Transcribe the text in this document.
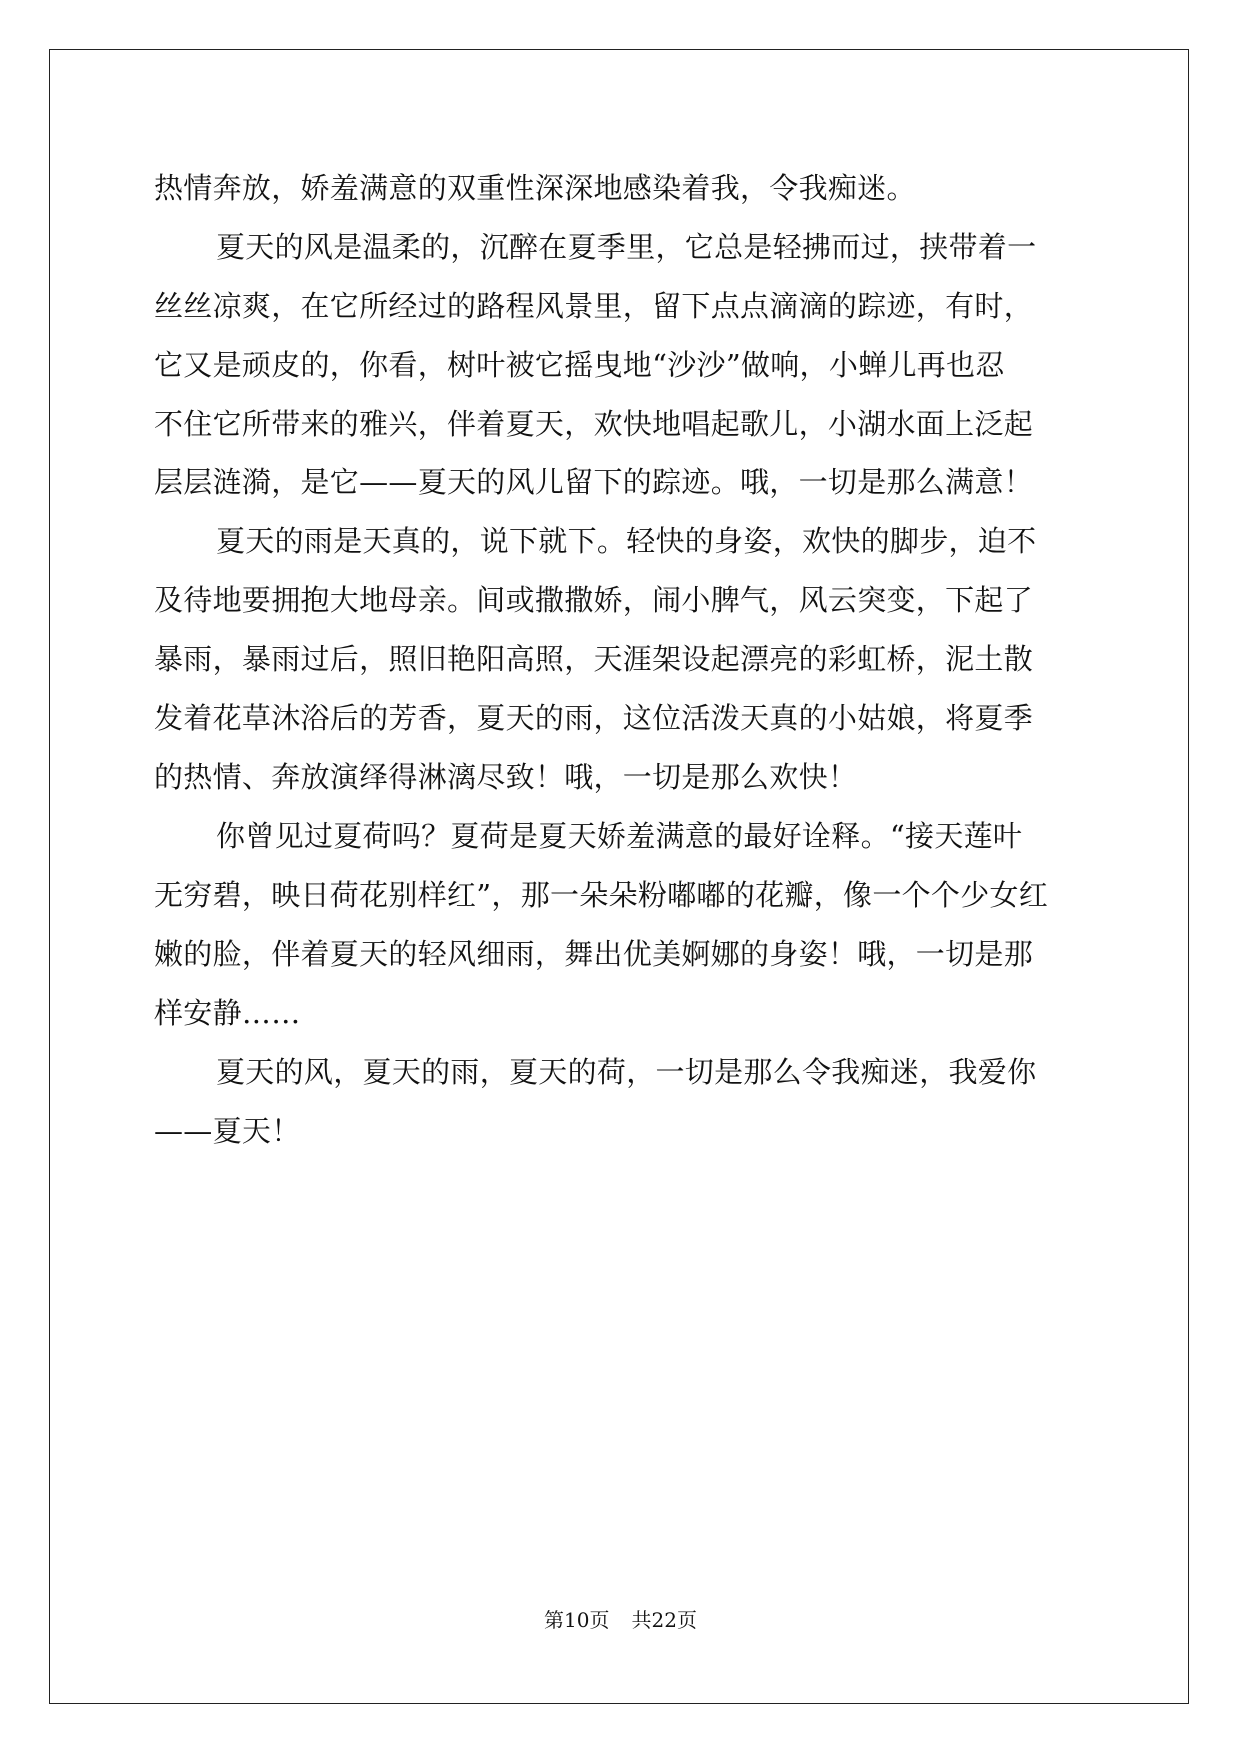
热情奔放，娇羞满意的双重性深深地感染着我，令我痴迷。
夏天的风是温柔的，沉醉在夏季里，它总是轻拂而过，挟带着一
丝丝凉爽，在它所经过的路程风景里，留下点点滴滴的踪迹，有时，
它又是顽皮的，你看，树叶被它摇曳地“沙沙”做响，小蝉儿再也忍
不住它所带来的雅兴，伴着夏天，欢快地唱起歌儿，小湖水面上泛起
层层涟漪，是它——夏天的风儿留下的踪迹。哦，一切是那么满意！
夏天的雨是天真的，说下就下。轻快的身姿，欢快的脚步，迫不
及待地要拥抱大地母亲。间或撒撒娇，闹小脾气，风云突变，下起了
暴雨，暴雨过后，照旧艳阳高照，天涯架设起漂亮的彩虹桥，泥土散
发着花草沐浴后的芳香，夏天的雨，这位活泼天真的小姑娘，将夏季
的热情、奔放演绎得淋漓尽致！哦，一切是那么欢快！
你曾见过夏荷吗？夏荷是夏天娇羞满意的最好诠释。“接天莲叶
无穷碧，映日荷花别样红”，那一朵朵粉嘟嘟的花瓣，像一个个少女红
嫩的脸，伴着夏天的轻风细雨，舞出优美婀娜的身姿！哦，一切是那
样安静……
夏天的风，夏天的雨，夏天的荷，一切是那么令我痴迷，我爱你
——夏天！
第10页 共22页
